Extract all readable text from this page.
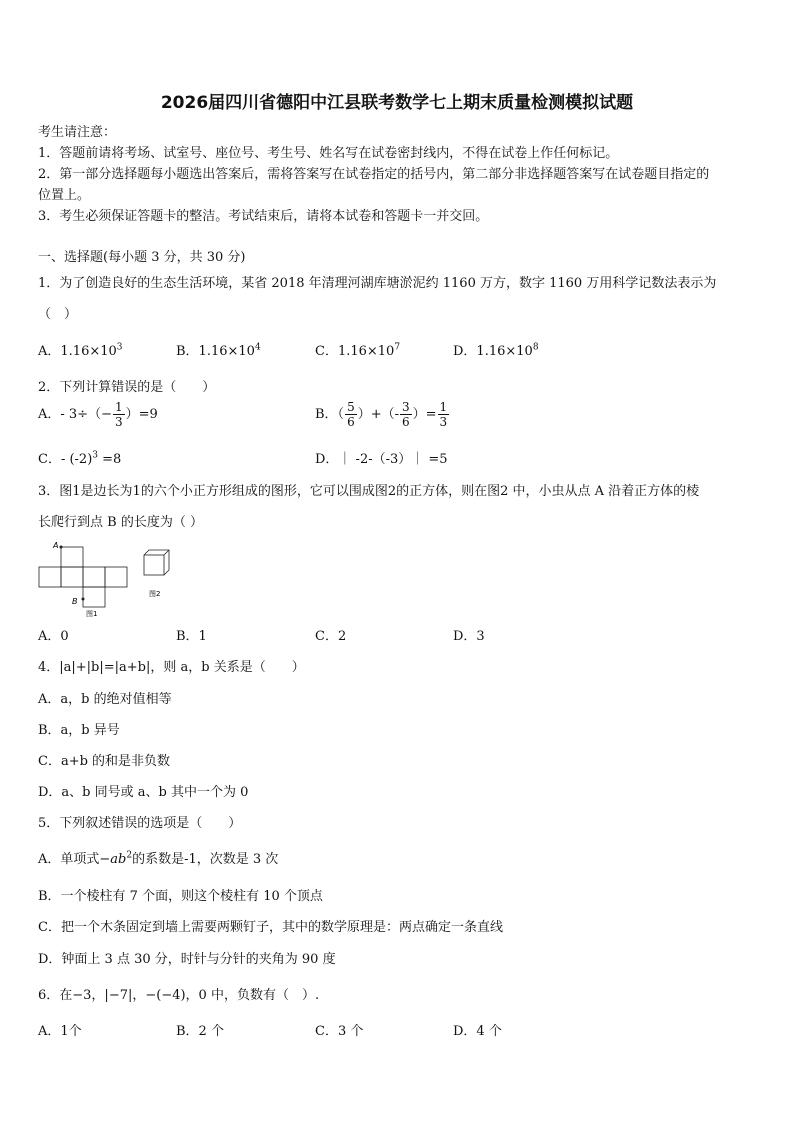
2026届四川省德阳中江县联考数学七上期末质量检测模拟试题
考生请注意：
1．答题前请将考场、试室号、座位号、考生号、姓名写在试卷密封线内，不得在试卷上作任何标记。
2．第一部分选择题每小题选出答案后，需将答案写在试卷指定的括号内，第二部分非选择题答案写在试卷题目指定的
位置上。
3．考生必须保证答题卡的整洁。考试结束后，请将本试卷和答题卡一并交回。
一、选择题(每小题 3 分，共 30 分)
1．为了创造良好的生态生活环境，某省 2018 年清理河湖库塘淤泥约 1160 万方，数字 1160 万用科学记数法表示为
（　）
A．$1.16\times 10^3$	B．$1.16\times 10^4$	C．$1.16\times 10^7$	D．$1.16\times 10^8$
2．下列计算错误的是（　　）
A．- $3\div(- \frac{1}{3} )=9$	B．（ $\frac{5}{6}$ ）+（- $\frac{3}{6}$ ）= $\frac{1}{3}$
C．- $(-2)^3 =8$	D．｜ -2-（-3）｜ =5
3．图1是边长为1的六个小正方形组成的图形，它可以围成图2的正方体，则在图2 中，小虫从点 A 沿着正方体的棱
长爬行到点 B 的长度为（ ）
A
B
图1
图2
A．0	B．1	C．2	D．3
4．|a|+|b|=|a+b|，则 a，b 关系是（　　）
A．a，b 的绝对值相等
B．a，b 异号
C．a+b 的和是非负数
D．a、b 同号或 a、b 其中一个为 0
5．下列叙述错误的选项是（　　）
A．单项式$-ab^2$的系数是-1，次数是 3 次
B．一个棱柱有 7 个面，则这个棱柱有 10 个顶点
C．把一个木条固定到墙上需要两颗钉子，其中的数学原理是：两点确定一条直线
D．钟面上 3 点 30 分，时针与分针的夹角为 90 度
6．在−3，|−7|，−(−4)，0 中，负数有（　）.
A．1个	B．2 个	C．3 个	D．4 个
